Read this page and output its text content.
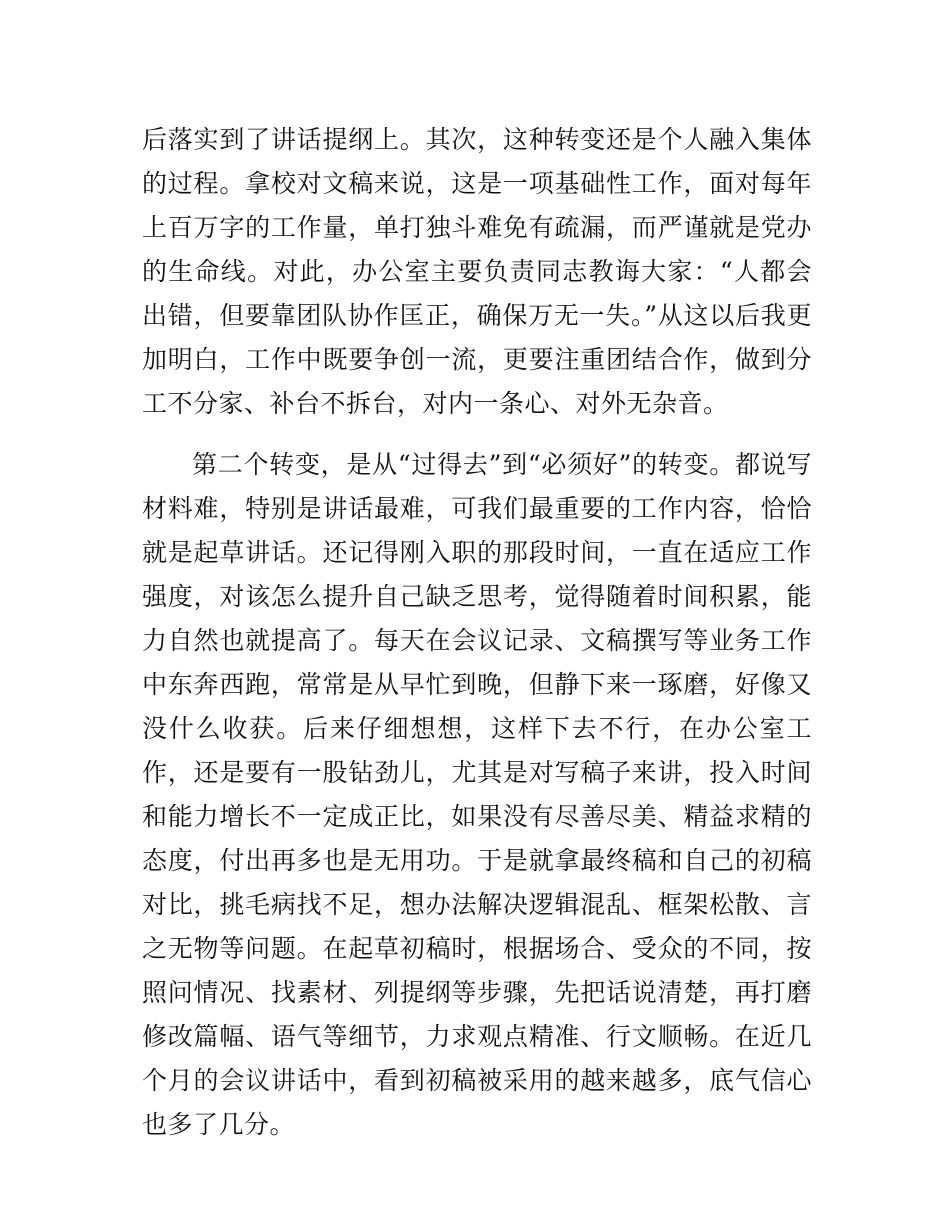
后落实到了讲话提纲上。其次，这种转变还是个人融入集体的过程。拿校对文稿来说，这是一项基础性工作，面对每年上百万字的工作量，单打独斗难免有疏漏，而严谨就是党办的生命线。对此，办公室主要负责同志教诲大家：“人都会出错，但要靠团队协作匡正，确保万无一失。”从这以后我更加明白，工作中既要争创一流，更要注重团结合作，做到分工不分家、补台不拆台，对内一条心、对外无杂音。

第二个转变，是从“过得去”到“必须好”的转变。都说写材料难，特别是讲话最难，可我们最重要的工作内容，恰恰就是起草讲话。还记得刚入职的那段时间，一直在适应工作强度，对该怎么提升自己缺乏思考，觉得随着时间积累，能力自然也就提高了。每天在会议记录、文稿撰写等业务工作中东奔西跑，常常是从早忙到晚，但静下来一琢磨，好像又没什么收获。后来仔细想想，这样下去不行，在办公室工作，还是要有一股钻劲儿，尤其是对写稿子来讲，投入时间和能力增长不一定成正比，如果没有尽善尽美、精益求精的态度，付出再多也是无用功。于是就拿最终稿和自己的初稿对比，挑毛病找不足，想办法解决逻辑混乱、框架松散、言之无物等问题。在起草初稿时，根据场合、受众的不同，按照问情况、找素材、列提纲等步骤，先把话说清楚，再打磨修改篇幅、语气等细节，力求观点精准、行文顺畅。在近几个月的会议讲话中，看到初稿被采用的越来越多，底气信心也多了几分。
